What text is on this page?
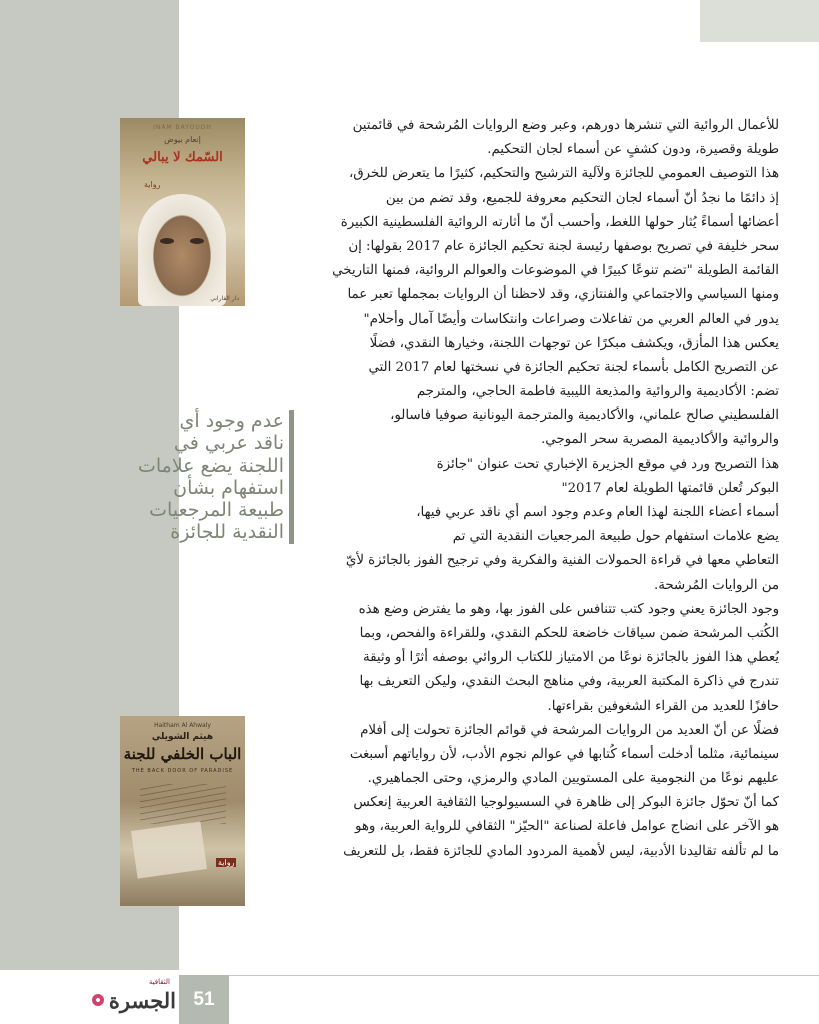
INAM BAYOUDH
إنعام بيوض
السّمك لا يبالي
رواية
دار الفارابي
Haitham Al Ahwaly
هيثم الشويلي
الباب الخلفي للجنة
THE BACK DOOR OF PARADISE
رواية
عدم وجود أي
ناقد عربي في
اللجنة يضع علامات
استفهام بشأن
طبيعة المرجعيات
النقدية للجائزة
للأعمال الروائية التي تنشرها دورهم، وعبر وضع الروايات المُرشحة في قائمتين
طويلة وقصيرة، ودون كشفٍ عن أسماء لجان التحكيم.
هذا التوصيف العمومي للجائزة ولآلية الترشيح والتحكيم، كثيرًا ما يتعرض للخرق،
إذ دائمًا ما نجدُ أنّ أسماء لجان التحكيم معروفة للجميع، وقد تضم من بين
أعضائها أسماءً يُثار حولها اللغط، وأحسب أنّ ما أثارته الروائية الفلسطينية الكبيرة
سحر خليفة في تصريح بوصفها رئيسة لجنة تحكيم الجائزة عام 2017 بقولها: إن
القائمة الطويلة "تضم تنوعًا كبيرًا في الموضوعات والعوالم الروائية، فمنها التاريخي
ومنها السياسي والاجتماعي والفنتازي، وقد لاحظنا أن الروايات بمجملها تعبر عما
يدور في العالم العربي من تفاعلات وصراعات وانتكاسات وأيضًا آمال وأحلام"
يعكس هذا المأزق، ويكشف مبكرًا عن توجهات اللجنة، وخيارها النقدي، فضلًا
عن التصريح الكامل بأسماء لجنة تحكيم الجائزة في نسختها لعام 2017 التي
تضم: الأكاديمية والروائية والمذيعة الليبية فاطمة الحاجي، والمترجم
الفلسطيني صالح علماني، والأكاديمية والمترجمة اليونانية صوفيا فاسالو،
والروائية والأكاديمية المصرية سحر الموجي.
هذا التصريح ورد في موقع الجزيرة الإخباري تحت عنوان "جائزة
البوكر تُعلن قائمتها الطويلة لعام 2017"
أسماء أعضاء اللجنة لهذا العام وعدم وجود اسم أي ناقد عربي فيها،
يضع علامات استفهام حول طبيعة المرجعيات النقدية التي تم
التعاطي معها في قراءة الحمولات الفنية والفكرية وفي ترجيح الفوز بالجائزة لأيّ
من الروايات المُرشحة.
وجود الجائزة يعني وجود كتب تتنافس على الفوز بها، وهو ما يفترض وضع هذه
الكُتب المرشحة ضمن سياقات خاضعة للحكم النقدي، وللقراءة والفحص، وبما
يُعطي هذا الفوز بالجائزة نوعًا من الامتياز للكتاب الروائي بوصفه أثرًا أو وثيقة
تندرج في ذاكرة المكتبة العربية، وفي مناهج البحث النقدي، وليكن التعريف بها
حافزًا للعديد من القراء الشغوفين بقراءتها.
فضلًا عن أنّ العديد من الروايات المرشحة في قوائم الجائزة تحولت إلى أفلام
سينمائية، مثلما أدخلت أسماء كُتابها في عوالم نجوم الأدب، لأن رواياتهم أسبغت
عليهم نوعًا من النجومية على المستويين المادي والرمزي، وحتى الجماهيري.
كما أنّ تحوّل جائزة البوكر إلى ظاهرة في السسيولوجيا الثقافية العربية إنعكس
هو الآخر على انضاج عوامل فاعلة لصناعة "الحيّز" الثقافي للرواية العربية، وهو
ما لم تألفه تقاليدنا الأدبية، ليس لأهمية المردود المادي للجائزة فقط، بل للتعريف
51
الثقافية
الجسرة
